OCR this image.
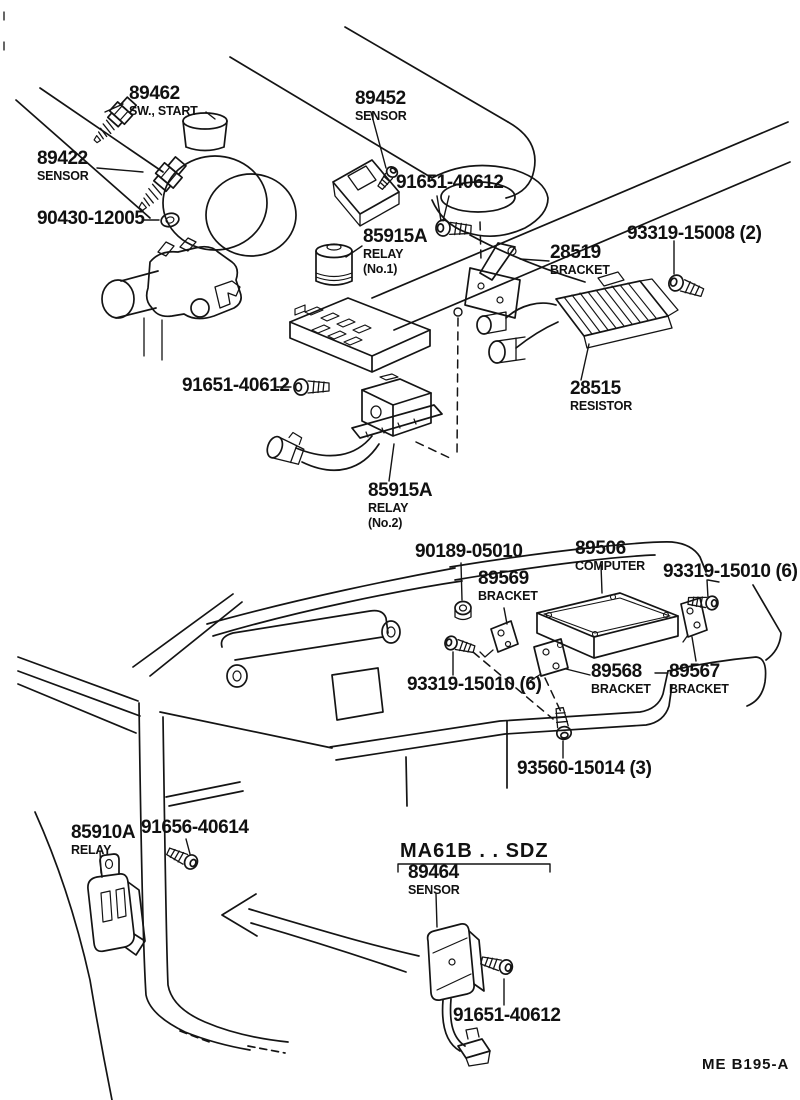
89462
SW., START
89452
SENSOR
89422
SENSOR
90430-12005
91651-40612
85915A
RELAY
(No.1)
28519
BRACKET
93319-15008 (2)
28515
RESISTOR
91651-40612
85915A
RELAY
(No.2)
90189-05010	89506
COMPUTER 93319-15010 (6)
89569
BRACKET
89568
BRACKET
89567
BRACKET
93319-15010 (6)
93560-15014 (3)
85910A
RELAY
91656-40614
89464
SENSOR
91651-40612
MA61B . . SDZ
ME B195-A
